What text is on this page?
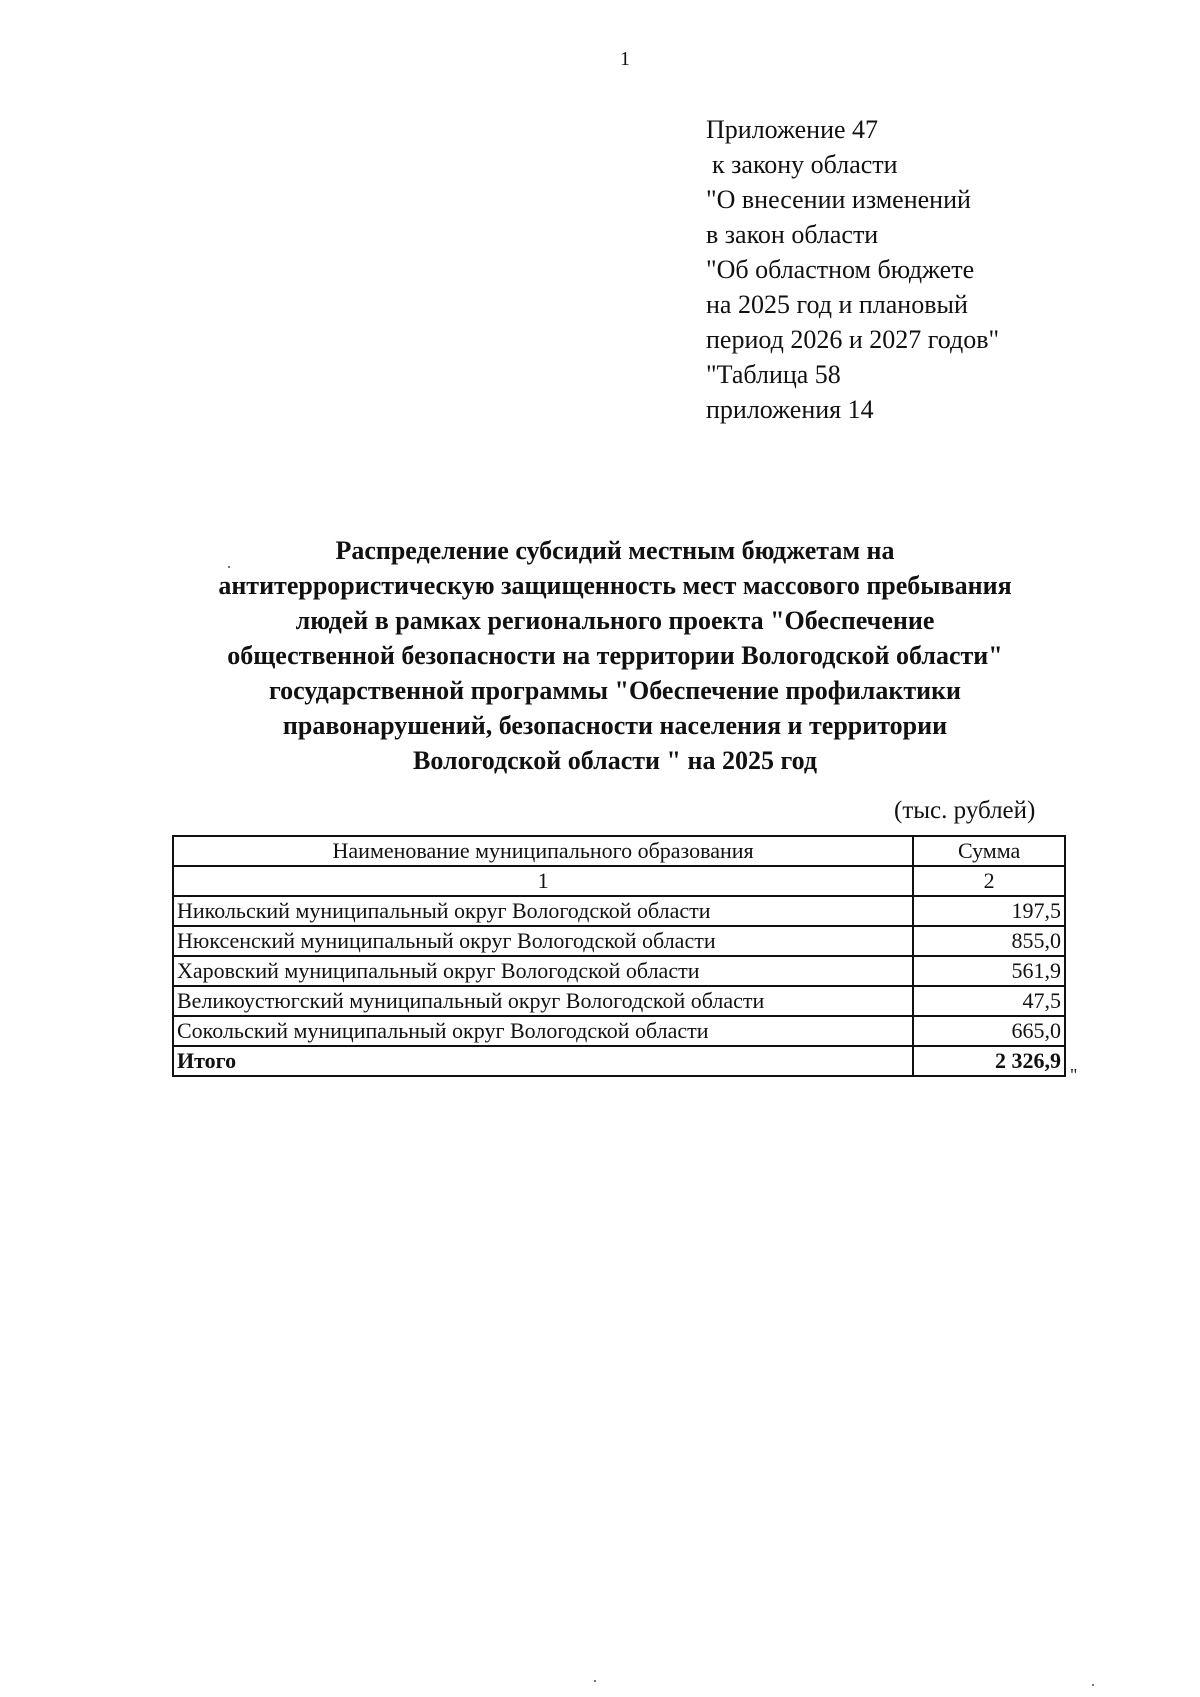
1
Приложение 47
к закону области
"О внесении изменений
в закон области
"Об областном бюджете
на 2025 год и плановый
период 2026 и 2027 годов"
"Таблица 58
приложения 14
Распределение субсидий местным бюджетам на
антитеррористическую защищенность мест массового пребывания
людей в рамках регионального проекта "Обеспечение
общественной безопасности на территории Вологодской области"
государственной программы "Обеспечение профилактики
правонарушений, безопасности населения и территории
Вологодской области " на 2025 год
(тыс. рублей)
Наименование муниципального образования	Сумма
1	2
Никольский муниципальный округ Вологодской области	197,5
Нюксенский муниципальный округ Вологодской области	855,0
Харовский муниципальный округ Вологодской области	561,9
Великоустюгский муниципальный округ Вологодской области	47,5
Сокольский муниципальный округ Вологодской области	665,0
Итого	2 326,9
"
